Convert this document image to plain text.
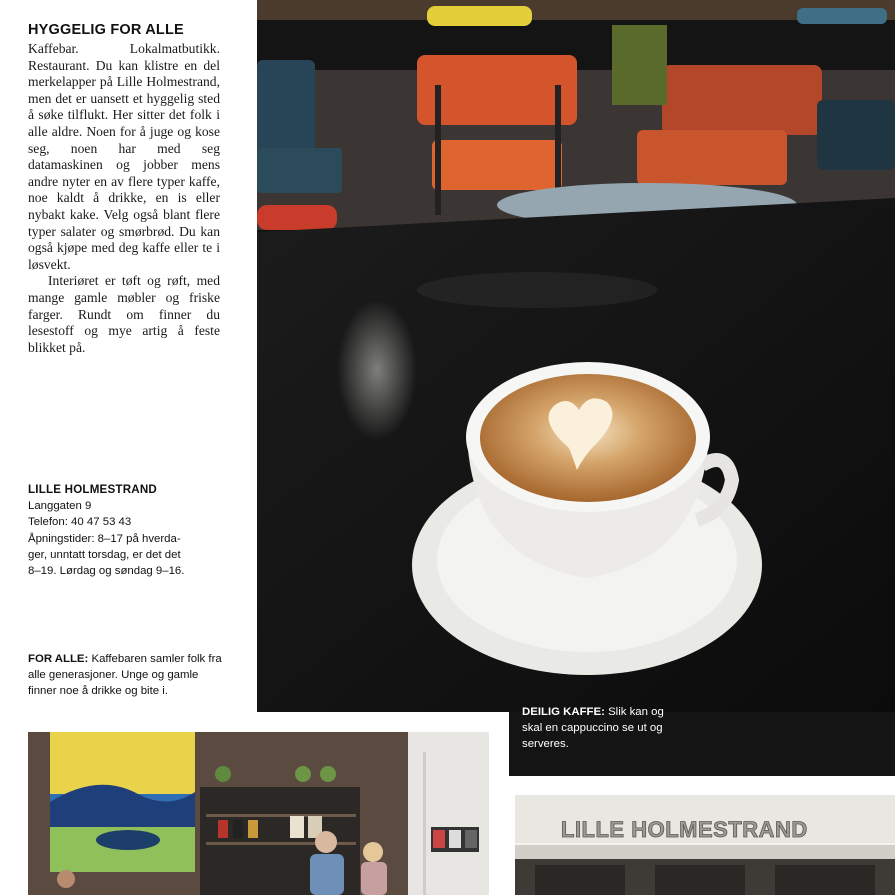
HYGGELIG FOR ALLE

Kaffebar. Lokalmatbutikk. Restaurant. Du kan klistre en del merkelapper på Lille Holmestrand, men det er uansett et hyggelig sted å søke tilflukt. Her sitter det folk i alle aldre. Noen for å juge og kose seg, noen har med seg datamaskinen og jobber mens andre nyter en av flere typer kaffe, noe kaldt å drikke, en is eller nybakt kake. Velg også blant flere typer salater og smørbrød. Du kan også kjøpe med deg kaffe eller te i løsvekt.

Interiøret er tøft og røft, med mange gamle møbler og friske farger. Rundt om finner du lesestoff og mye artig å feste blikket på.

LILLE HOLMESTRAND
Langgaten 9
Telefon: 40 47 53 43
Åpningstider: 8–17 på hverda-
ger, unntatt torsdag, er det det
8–19. Lørdag og søndag 9–16.
FOR ALLE: Kaffebaren samler folk fra alle generasjoner. Unge og gamle finner noe å drikke og bite i.
DEILIG KAFFE: Slik kan og skal en cappuccino se ut og serveres.
LILLE HOLMESTRAND
